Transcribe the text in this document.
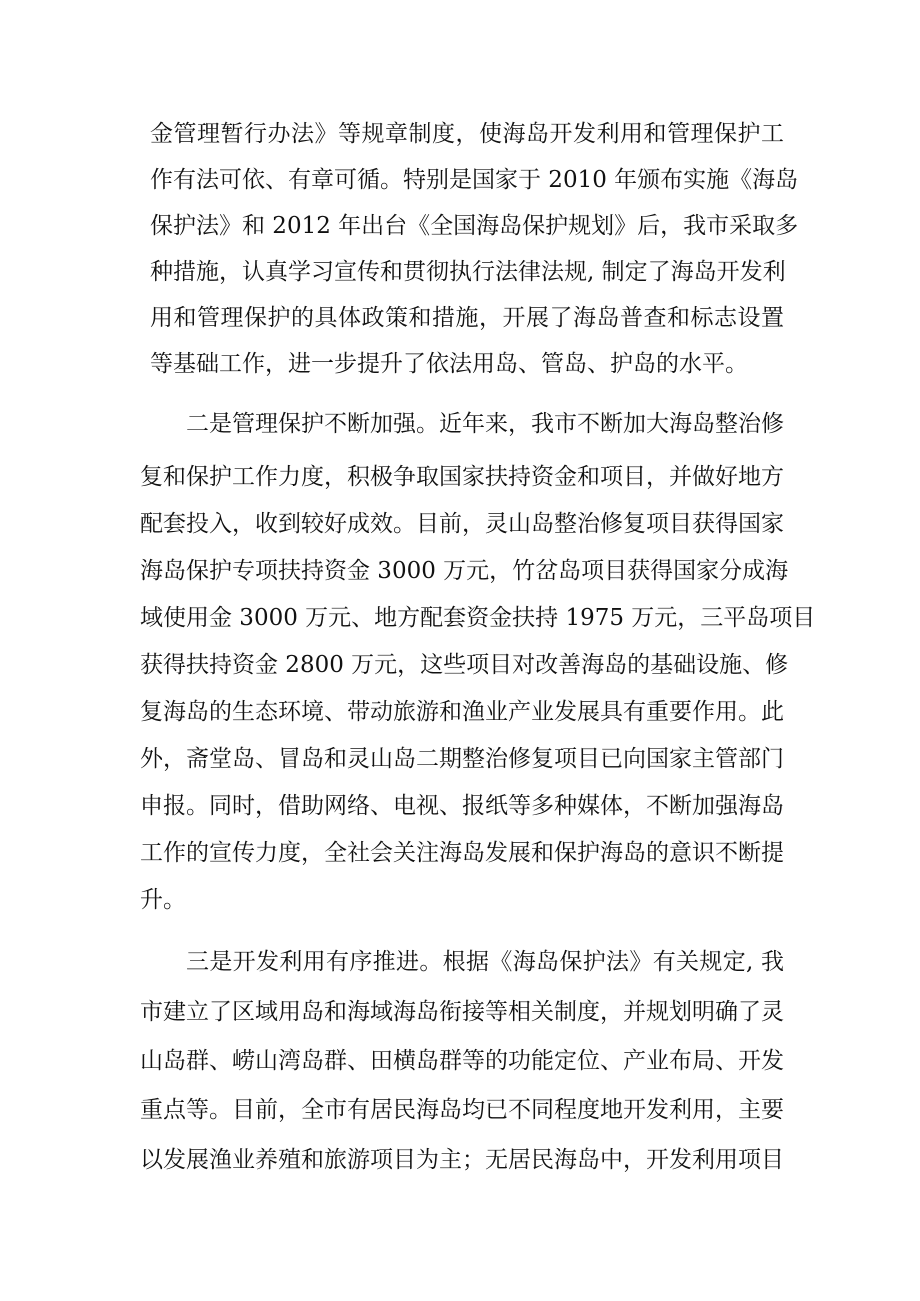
金管理暂行办法》等规章制度，使海岛开发利用和管理保护工
作有法可依、有章可循。特别是国家于 2010 年颁布实施《海岛
保护法》和 2012 年出台《全国海岛保护规划》后，我市采取多
种措施，认真学习宣传和贯彻执行法律法规, 制定了海岛开发利
用和管理保护的具体政策和措施，开展了海岛普查和标志设置
等基础工作，进一步提升了依法用岛、管岛、护岛的水平。
二是管理保护不断加强。近年来，我市不断加大海岛整治修
复和保护工作力度，积极争取国家扶持资金和项目，并做好地方
配套投入，收到较好成效。目前，灵山岛整治修复项目获得国家
海岛保护专项扶持资金 3000 万元，竹岔岛项目获得国家分成海
域使用金 3000 万元、地方配套资金扶持 1975 万元，三平岛项目
获得扶持资金 2800 万元，这些项目对改善海岛的基础设施、修
复海岛的生态环境、带动旅游和渔业产业发展具有重要作用。此
外，斋堂岛、冒岛和灵山岛二期整治修复项目已向国家主管部门
申报。同时，借助网络、电视、报纸等多种媒体，不断加强海岛
工作的宣传力度，全社会关注海岛发展和保护海岛的意识不断提
升。
三是开发利用有序推进。根据《海岛保护法》有关规定, 我
市建立了区域用岛和海域海岛衔接等相关制度，并规划明确了灵
山岛群、崂山湾岛群、田横岛群等的功能定位、产业布局、开发
重点等。目前，全市有居民海岛均已不同程度地开发利用，主要
以发展渔业养殖和旅游项目为主；无居民海岛中，开发利用项目
